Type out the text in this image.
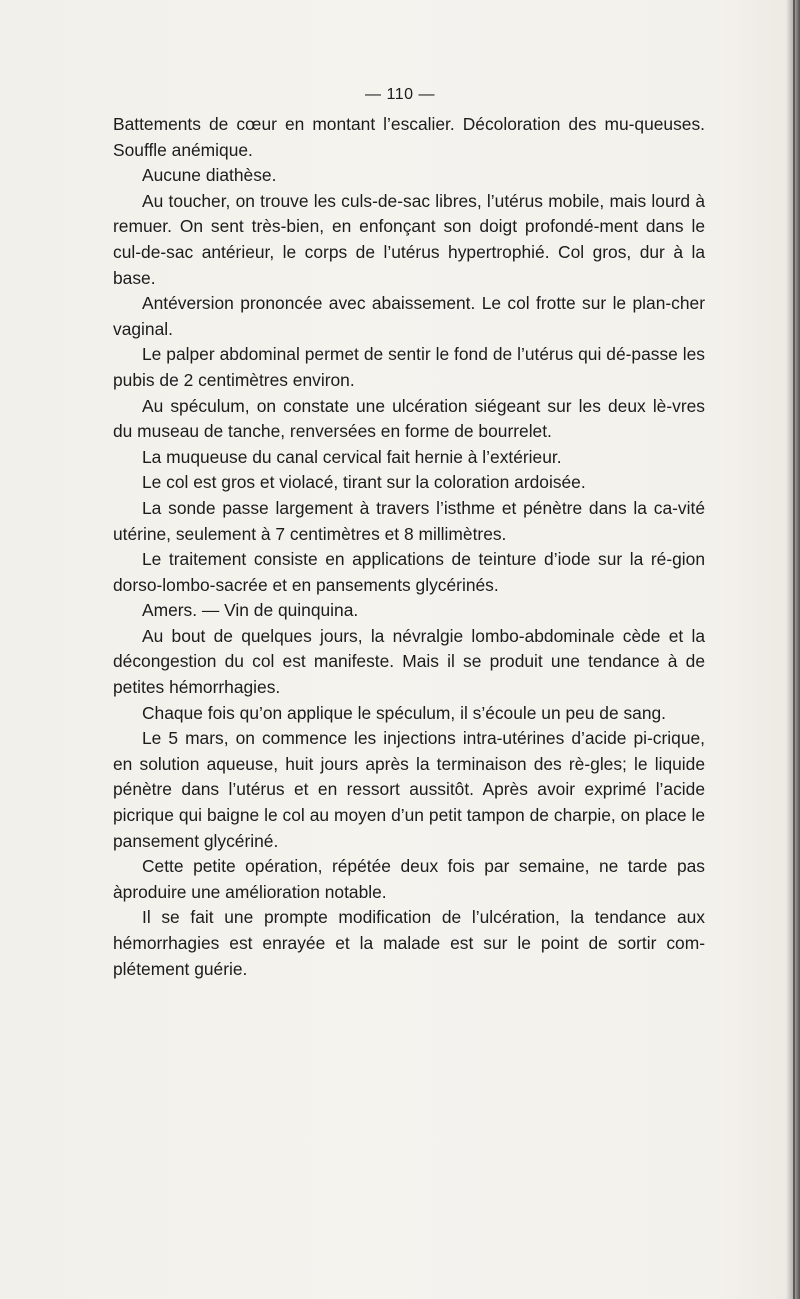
— 110 —

Battements de cœur en montant l’escalier. Décoloration des mu-queuses. Souffle anémique.

Aucune diathèse.

Au toucher, on trouve les culs-de-sac libres, l’utérus mobile, mais lourd à remuer. On sent très-bien, en enfonçant son doigt profondé-ment dans le cul-de-sac antérieur, le corps de l’utérus hypertrophié. Col gros, dur à la base.

Antéversion prononcée avec abaissement. Le col frotte sur le plan-cher vaginal.

Le palper abdominal permet de sentir le fond de l’utérus qui dé-passe les pubis de 2 centimètres environ.

Au spéculum, on constate une ulcération siégeant sur les deux lè-vres du museau de tanche, renversées en forme de bourrelet.

La muqueuse du canal cervical fait hernie à l’extérieur.

Le col est gros et violacé, tirant sur la coloration ardoisée.

La sonde passe largement à travers l’isthme et pénètre dans la ca-vité utérine, seulement à 7 centimètres et 8 millimètres.

Le traitement consiste en applications de teinture d’iode sur la ré-gion dorso-lombo-sacrée et en pansements glycérinés.

Amers. — Vin de quinquina.

Au bout de quelques jours, la névralgie lombo-abdominale cède et la décongestion du col est manifeste. Mais il se produit une tendance à de petites hémorrhagies.

Chaque fois qu’on applique le spéculum, il s’écoule un peu de sang.

Le 5 mars, on commence les injections intra-utérines d’acide pi-crique, en solution aqueuse, huit jours après la terminaison des rè-gles; le liquide pénètre dans l’utérus et en ressort aussitôt. Après avoir exprimé l’acide picrique qui baigne le col au moyen d’un petit tampon de charpie, on place le pansement glycériné.

Cette petite opération, répétée deux fois par semaine, ne tarde pas àproduire une amélioration notable.

Il se fait une prompte modification de l’ulcération, la tendance aux hémorrhagies est enrayée et la malade est sur le point de sortir com-plétement guérie.
